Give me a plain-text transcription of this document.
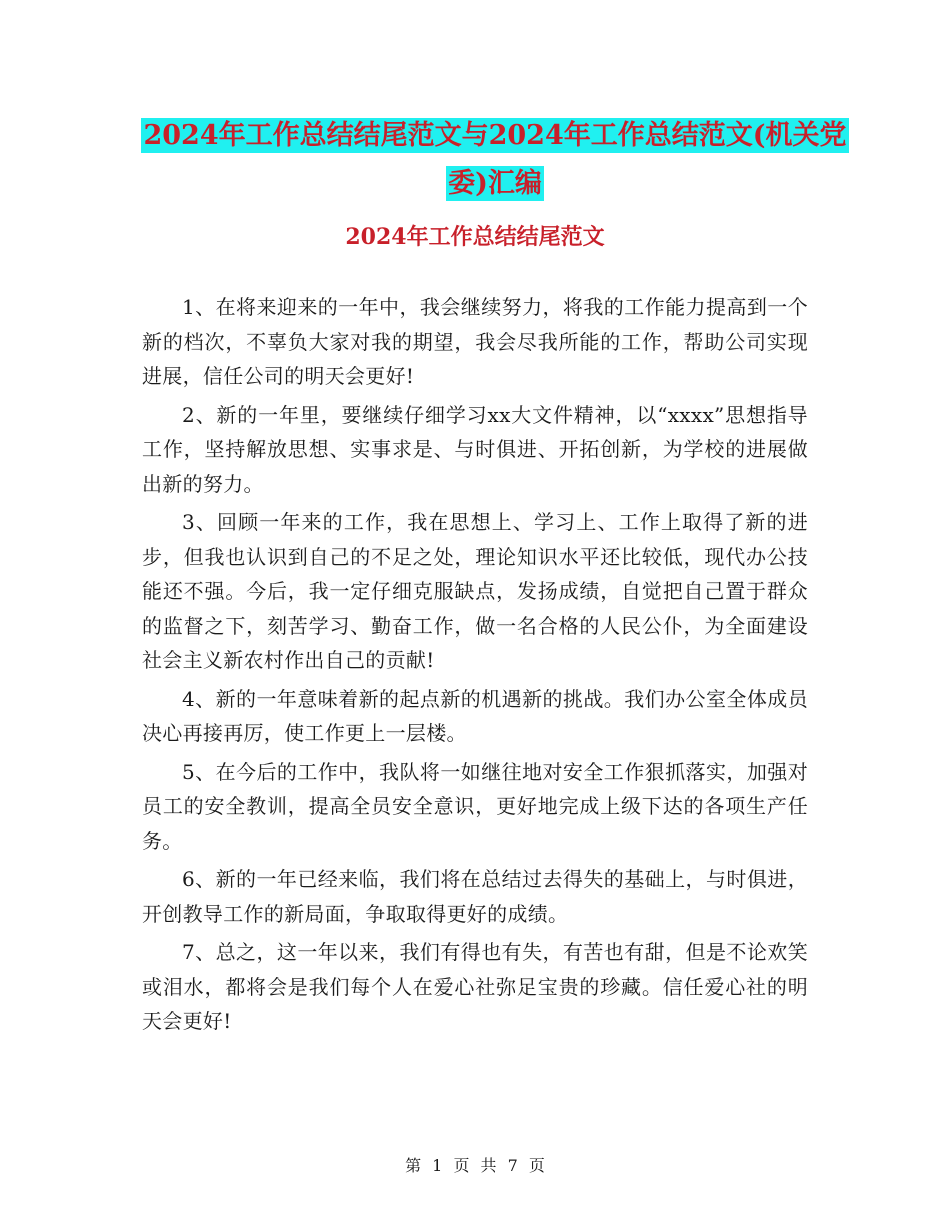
2024年工作总结结尾范文与2024年工作总结范文(机关党委)汇编
2024年工作总结结尾范文

1、在将来迎来的一年中，我会继续努力，将我的工作能力提高到一个新的档次，不辜负大家对我的期望，我会尽我所能的工作，帮助公司实现进展，信任公司的明天会更好!

2、新的一年里，要继续仔细学习xx大文件精神，以“xxxx”思想指导工作，坚持解放思想、实事求是、与时俱进、开拓创新，为学校的进展做出新的努力。

3、回顾一年来的工作，我在思想上、学习上、工作上取得了新的进步，但我也认识到自己的不足之处，理论知识水平还比较低，现代办公技能还不强。今后，我一定仔细克服缺点，发扬成绩，自觉把自己置于群众的监督之下，刻苦学习、勤奋工作，做一名合格的人民公仆，为全面建设社会主义新农村作出自己的贡献!

4、新的一年意味着新的起点新的机遇新的挑战。我们办公室全体成员决心再接再厉，使工作更上一层楼。

5、在今后的工作中，我队将一如继往地对安全工作狠抓落实，加强对员工的安全教训，提高全员安全意识，更好地完成上级下达的各项生产任务。

6、新的一年已经来临，我们将在总结过去得失的基础上，与时俱进，开创教导工作的新局面，争取取得更好的成绩。

7、总之，这一年以来，我们有得也有失，有苦也有甜，但是不论欢笑或泪水，都将会是我们每个人在爱心社弥足宝贵的珍藏。信任爱心社的明天会更好!

第 1 页 共 7 页
